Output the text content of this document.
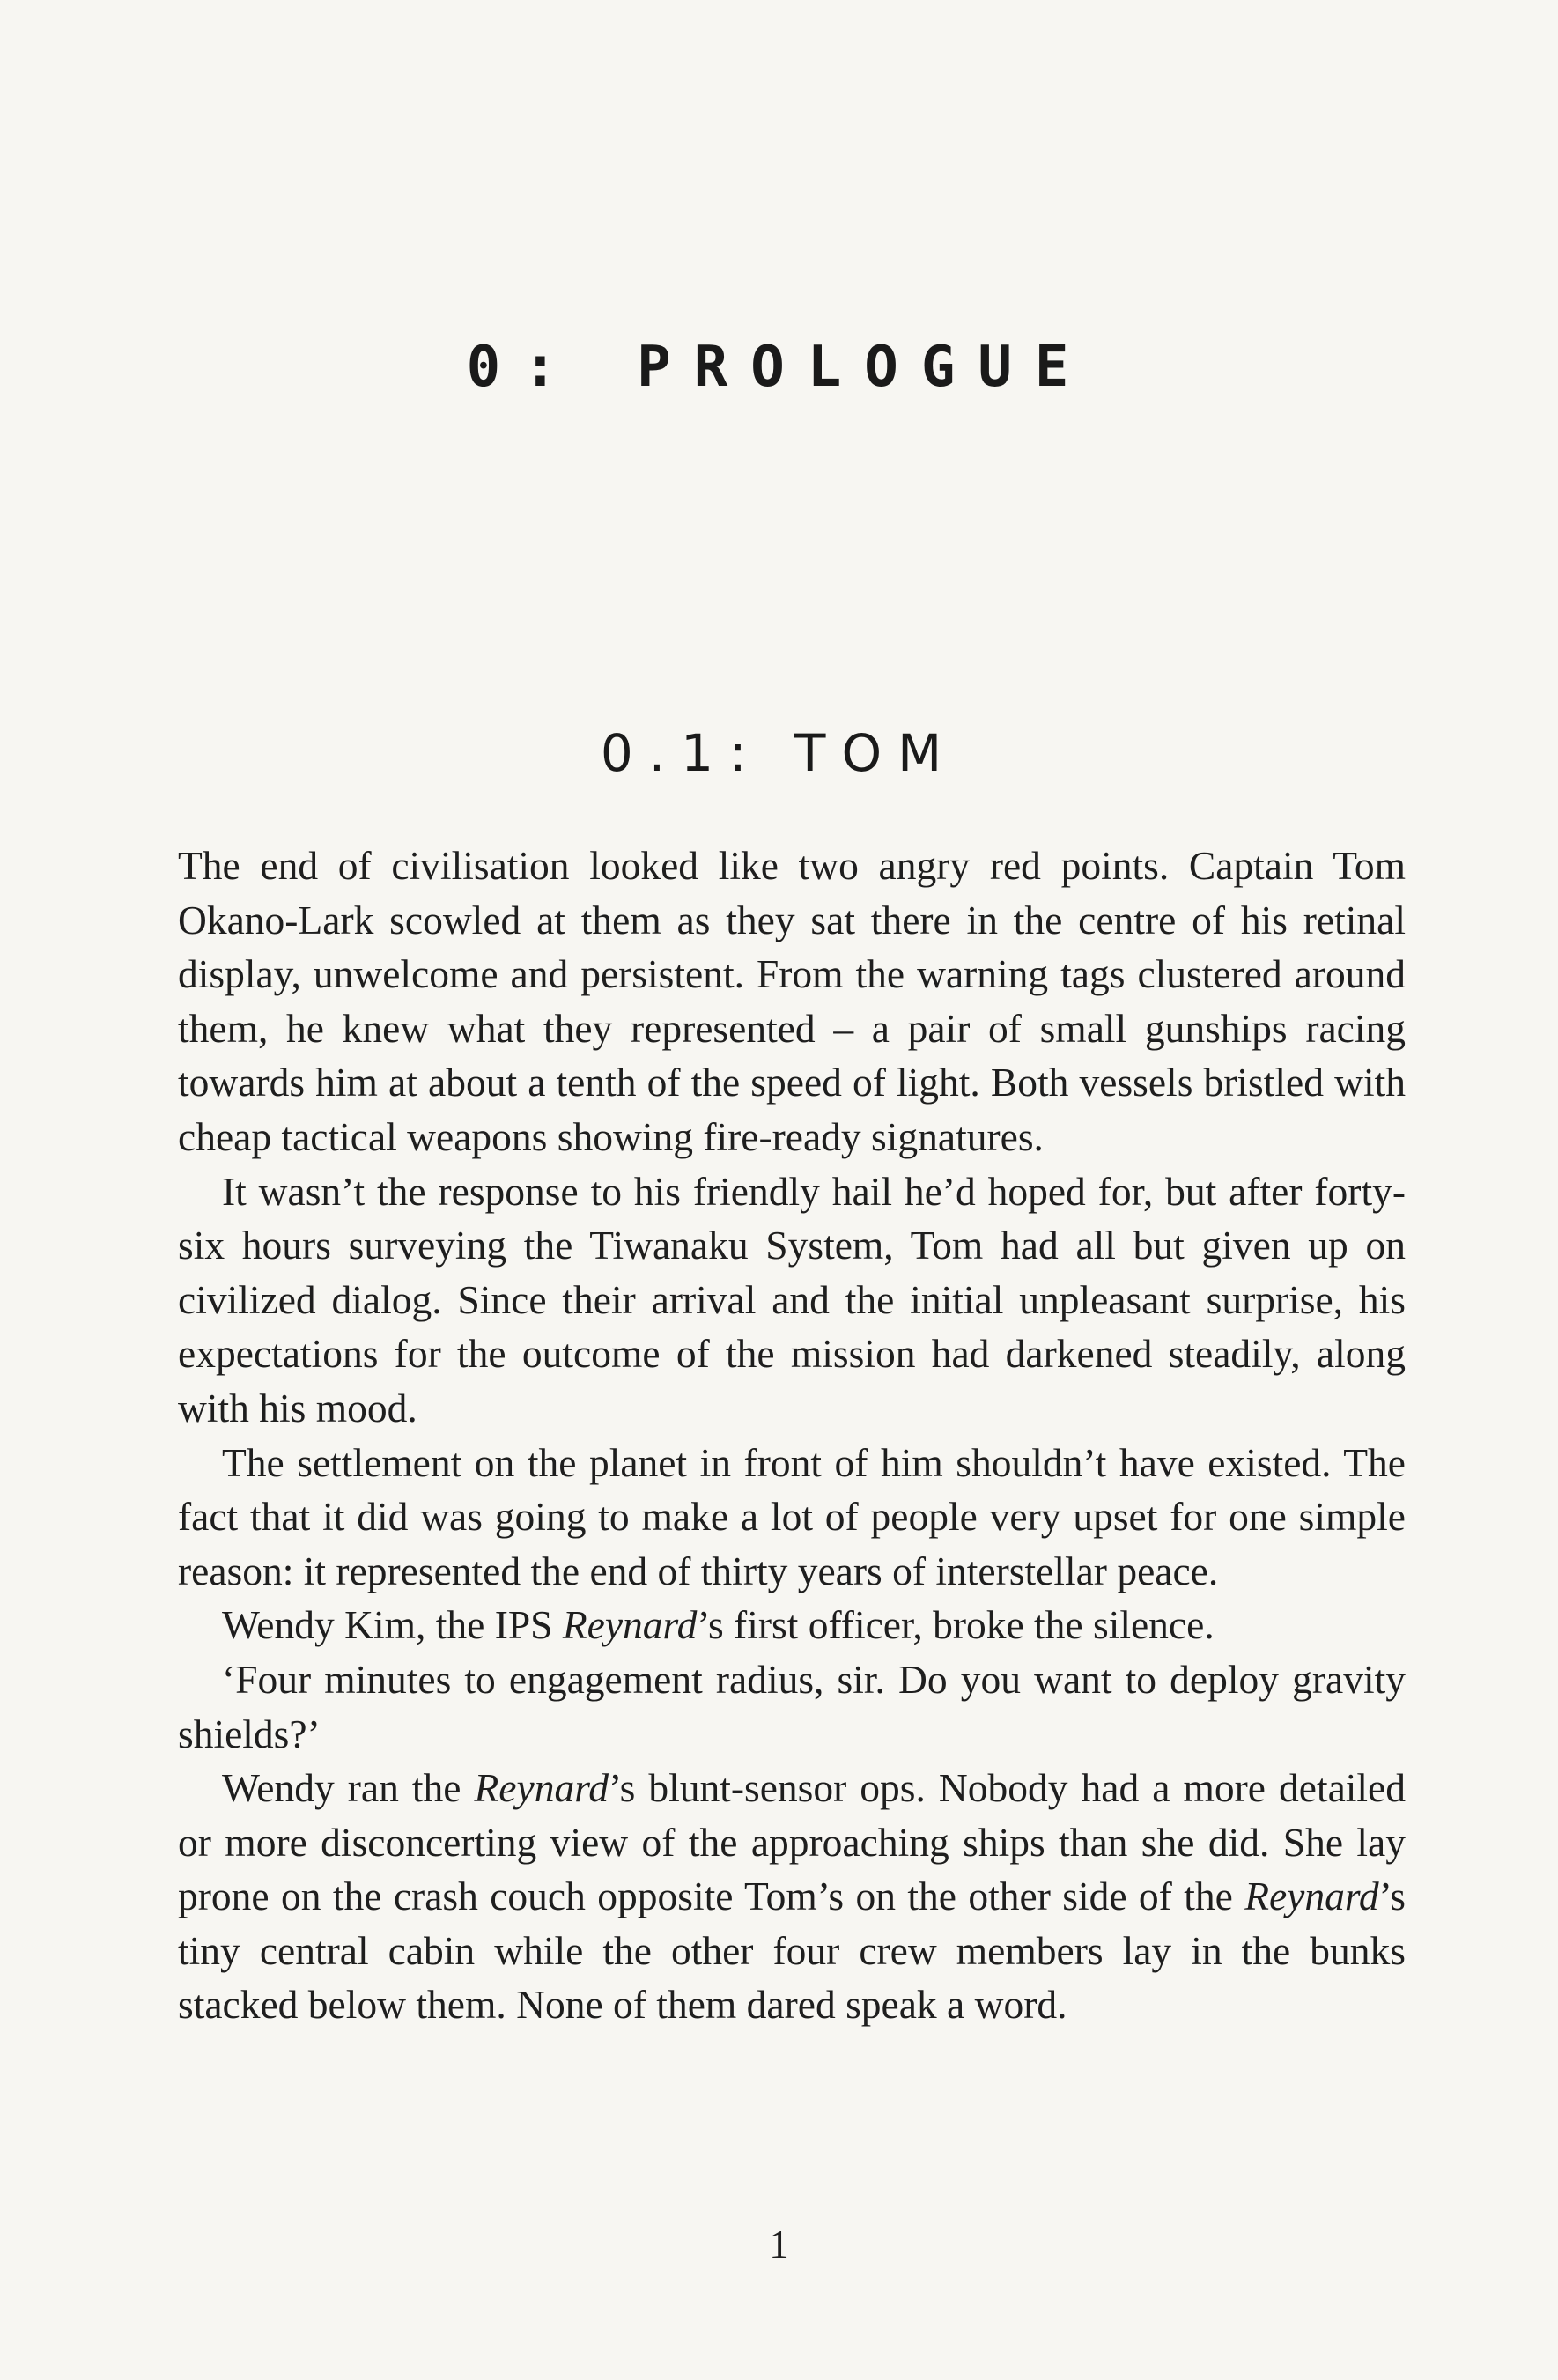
0: PROLOGUE
0.1: TOM

The end of civilisation looked like two angry red points. Captain Tom Okano-Lark scowled at them as they sat there in the centre of his retinal display, unwelcome and persistent. From the warning tags clustered around them, he knew what they represented – a pair of small gunships racing towards him at about a tenth of the speed of light. Both vessels bristled with cheap tactical weapons showing fire-ready signatures.

It wasn’t the response to his friendly hail he’d hoped for, but after forty-six hours surveying the Tiwanaku System, Tom had all but given up on civilized dialog. Since their arrival and the initial unpleasant surprise, his expectations for the outcome of the mission had darkened steadily, along with his mood.

The settlement on the planet in front of him shouldn’t have existed. The fact that it did was going to make a lot of people very upset for one simple reason: it represented the end of thirty years of interstellar peace.

Wendy Kim, the IPS Reynard’s first officer, broke the silence.

‘Four minutes to engagement radius, sir. Do you want to deploy gravity shields?’

Wendy ran the Reynard’s blunt-sensor ops. Nobody had a more detailed or more disconcerting view of the approaching ships than she did. She lay prone on the crash couch opposite Tom’s on the other side of the Reynard’s tiny central cabin while the other four crew members lay in the bunks stacked below them. None of them dared speak a word.

1
